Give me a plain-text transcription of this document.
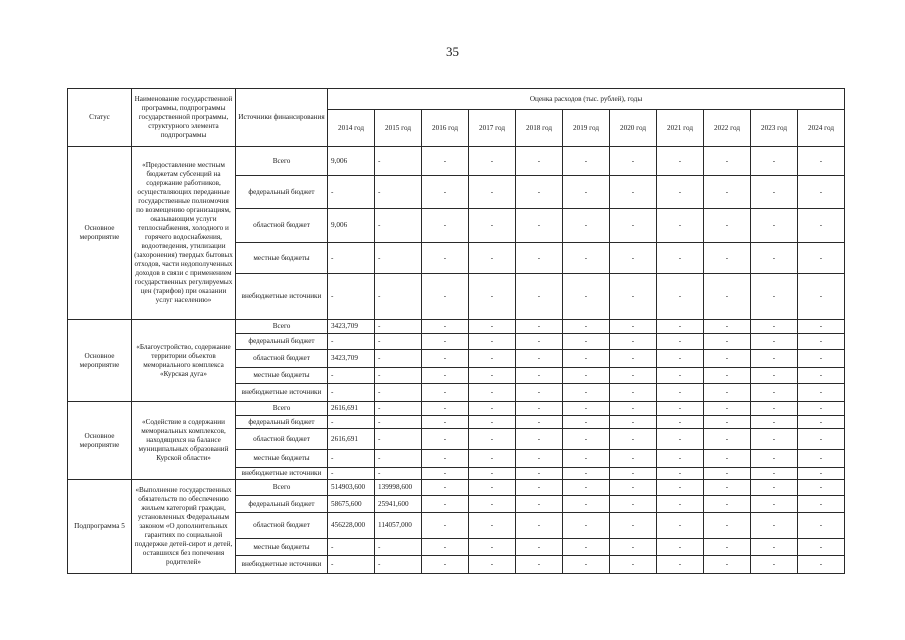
35
Статус	Наименование государственной программы, подпрограммы государственной программы, структурного элемента подпрограммы	Источники финансирования	Оценка расходов (тыс. рублей), годы										
			2014 год	2015 год	2016 год	2017 год	2018 год	2019 год	2020 год	2021 год	2022 год	2023 год	2024 год
Основное мероприятие	«Предоставление местным бюджетам субсенций на содержание работников, осуществляющих переданные государственные полномочия по возмещению организациям, оказывающим услуги теплоснабжения, холодного и горячего водоснабжения, водоотведения, утилизации (захоронения) твердых бытовых отходов, части недополученных доходов в связи с применением государственных регулируемых цен (тарифов) при оказании услуг населению»	Всего	9,006	-	-	-	-	-	-	-	-	-	-
		федеральный бюджет	-	-	-	-	-	-	-	-	-	-	-
		областной бюджет	9,006	-	-	-	-	-	-	-	-	-	-
		местные бюджеты	-	-	-	-	-	-	-	-	-	-	-
		внебюджетные источники	-	-	-	-	-	-	-	-	-	-	-
Основное мероприятие	«Благоустройство, содержание территории объектов мемориального комплекса «Курская дуга»	Всего	3423,709	-	-	-	-	-	-	-	-	-	-
		федеральный бюджет	-	-	-	-	-	-	-	-	-	-	-
		областной бюджет	3423,709	-	-	-	-	-	-	-	-	-	-
		местные бюджеты	-	-	-	-	-	-	-	-	-	-	-
		внебюджетные источники	-	-	-	-	-	-	-	-	-	-	-
Основное мероприятие	«Содействие в содержании мемориальных комплексов, находящихся на балансе муниципальных образований Курской области»	Всего	2616,691	-	-	-	-	-	-	-	-	-	-
		федеральный бюджет	-	-	-	-	-	-	-	-	-	-	-
		областной бюджет	2616,691	-	-	-	-	-	-	-	-	-	-
		местные бюджеты	-	-	-	-	-	-	-	-	-	-	-
		внебюджетные источники	-	-	-	-	-	-	-	-	-	-	-
Подпрограмма 5	«Выполнение государственных обязательств по обеспечению жильем категорий граждан, установленных Федеральным законом «О дополнительных гарантиях по социальной поддержке детей-сирот и детей, оставшихся без попечения родителей»	Всего	514903,600	139998,600	-	-	-	-	-	-	-	-	-
		федеральный бюджет	58675,600	25941,600	-	-	-	-	-	-	-	-	-
		областной бюджет	456228,000	114057,000	-	-	-	-	-	-	-	-	-
		местные бюджеты	-	-	-	-	-	-	-	-	-	-	-
		внебюджетные источники	-	-	-	-	-	-	-	-	-	-	-
